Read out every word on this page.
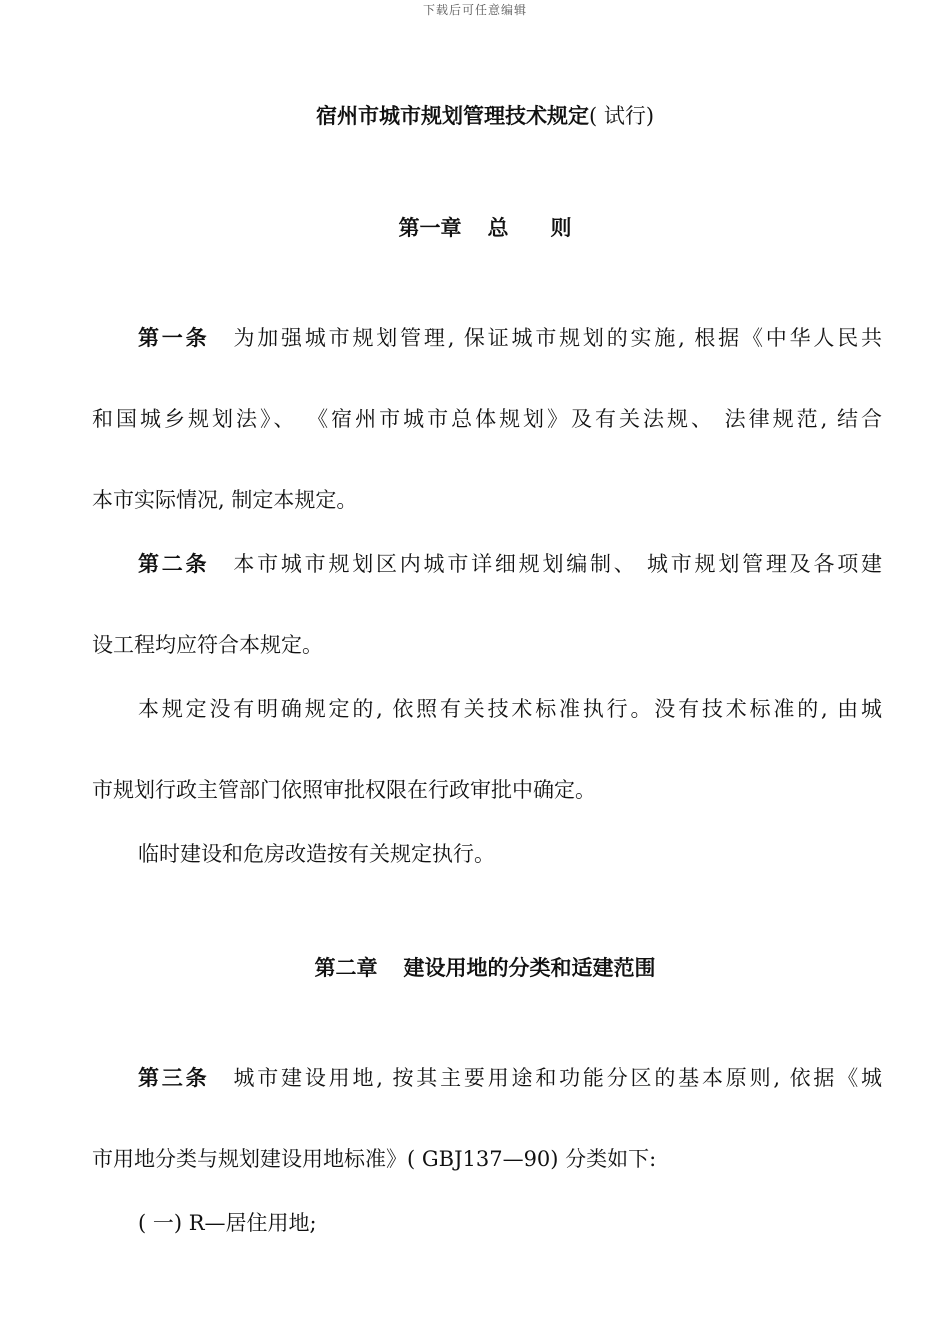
下载后可任意编辑
宿州市城市规划管理技术规定( 试行)
第一章 总　　则
第一条 为加强城市规划管理, 保证城市规划的实施, 根据《中华人民共
和国城乡规划法》、 《宿州市城市总体规划》及有关法规、 法律规范, 结合
本市实际情况, 制定本规定。
第二条 本市城市规划区内城市详细规划编制、 城市规划管理及各项建
设工程均应符合本规定。
本规定没有明确规定的, 依照有关技术标准执行。没有技术标准的, 由城
市规划行政主管部门依照审批权限在行政审批中确定。
临时建设和危房改造按有关规定执行。
第二章 建设用地的分类和适建范围
第三条 城市建设用地, 按其主要用途和功能分区的基本原则, 依据《城
市用地分类与规划建设用地标准》( GBJ137—90) 分类如下:
( 一) R—居住用地;
